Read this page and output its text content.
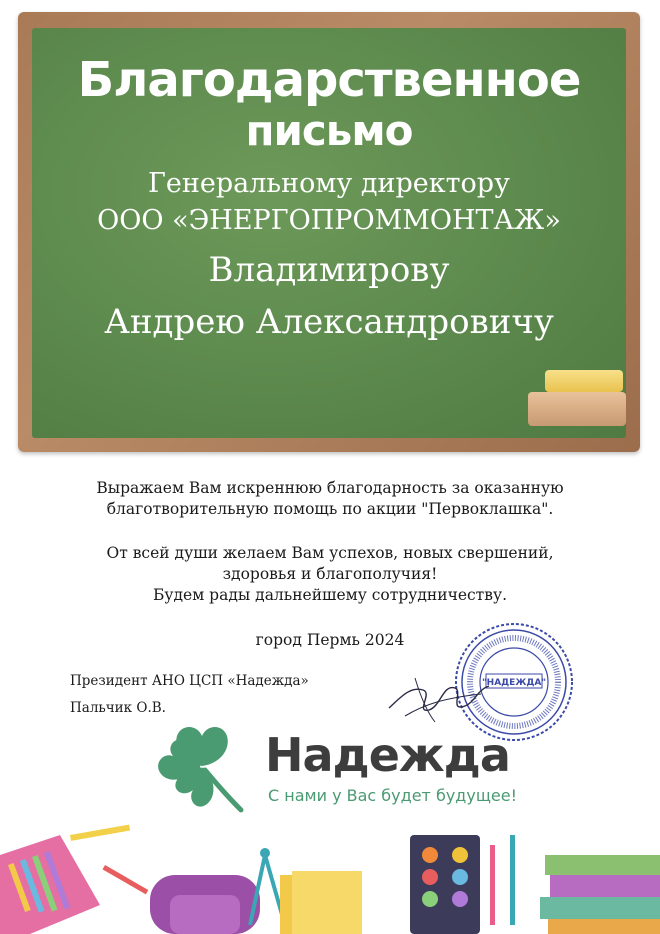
Благодарственное
письмо

Генеральному директору

ООО «ЭНЕРГОПРОММОНТАЖ»

Владимирову

Андрею Александровичу

Выражаем Вам искреннюю благодарность за оказанную
благотворительную помощь по акции "Первоклашка".

От всей души желаем Вам успехов, новых свершений,
здоровья и благополучия!
Будем рады дальнейшему сотрудничеству.

город Пермь 2024

Президент АНО ЦСП «Надежда»

Пальчик О.В.

"НАДЕЖДА"

Надежда

С нами у Вас будет будущее!
